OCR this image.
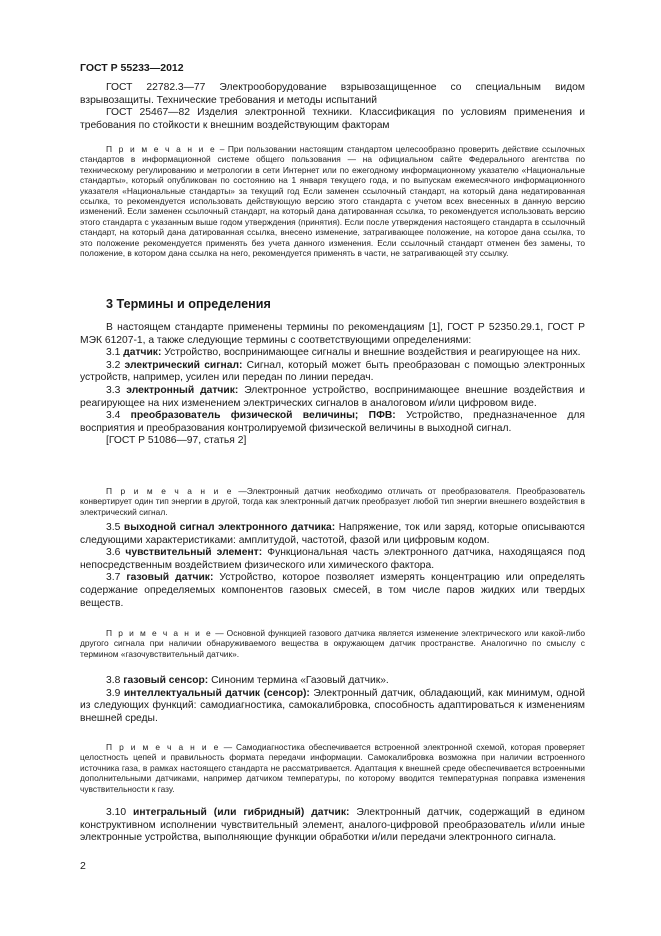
ГОСТ Р 55233—2012

ГОСТ 22782.3—77 Электрооборудование взрывозащищенное со специальным видом взрывозащиты. Технические требования и методы испытаний

ГОСТ 25467—82 Изделия электронной техники. Классификация по условиям применения и требования по стойкости к внешним воздействующим факторам

П р и м е ч а н и е – При пользовании настоящим стандартом целесообразно проверить действие ссылочных стандартов в информационной системе общего пользования — на официальном сайте Федерального агентства по техническому регулированию и метрологии в сети Интернет или по ежегодному информационному указателю «Национальные стандарты», который опубликован по состоянию на 1 января текущего года, и по выпускам ежемесячного информационного указателя «Национальные стандарты» за текущий год Если заменен ссылочный стандарт, на который дана недатированная ссылка, то рекомендуется использовать действующую версию этого стандарта с учетом всех внесенных в данную версию изменений. Если заменен ссылочный стандарт, на который дана датированная ссылка, то рекомендуется использовать версию этого стандарта с указанным выше годом утверждения (принятия). Если после утверждения настоящего стандарта в ссылочный стандарт, на который дана датированная ссылка, внесено изменение, затрагивающее положение, на которое дана ссылка, то это положение рекомендуется применять без учета данного изменения. Если ссылочный стандарт отменен без замены, то положение, в котором дана ссылка на него, рекомендуется применять в части, не затрагивающей эту ссылку.

3 Термины и определения

В настоящем стандарте применены термины по рекомендациям [1], ГОСТ Р 52350.29.1, ГОСТ Р МЭК 61207-1, а также следующие термины с соответствующими определениями:

3.1 датчик: Устройство, воспринимающее сигналы и внешние воздействия и реагирующее на них.

3.2 электрический сигнал: Сигнал, который может быть преобразован с помощью электронных устройств, например, усилен или передан по линии передач.

3.3 электронный датчик: Электронное устройство, воспринимающее внешние воздействия и реагирующее на них изменением электрических сигналов в аналоговом и/или цифровом виде.

3.4 преобразователь физической величины; ПФВ: Устройство, предназначенное для восприятия и преобразования контролируемой физической величины в выходной сигнал.

[ГОСТ Р 51086—97, статья 2]

П р и м е ч а н и е —Электронный датчик необходимо отличать от преобразователя. Преобразователь конвертирует один тип энергии в другой, тогда как электронный датчик преобразует любой тип энергии внешнего воздействия в электрический сигнал.

3.5 выходной сигнал электронного датчика: Напряжение, ток или заряд, которые описываются следующими характеристиками: амплитудой, частотой, фазой или цифровым кодом.

3.6 чувствительный элемент: Функциональная часть электронного датчика, находящаяся под непосредственным воздействием физического или химического фактора.

3.7 газовый датчик: Устройство, которое позволяет измерять концентрацию или определять содержание определяемых компонентов газовых смесей, в том числе паров жидких или твердых веществ.

П р и м е ч а н и е — Основной функцией газового датчика является изменение электрического или какой-либо другого сигнала при наличии обнаруживаемого вещества в окружающем датчик пространстве. Аналогично по смыслу с термином «газочувствительный датчик».

3.8 газовый сенсор: Синоним термина «Газовый датчик».

3.9 интеллектуальный датчик (сенсор): Электронный датчик, обладающий, как минимум, одной из следующих функций: самодиагностика, самокалибровка, способность адаптироваться к изменениям внешней среды.

П р и м е ч а н и е — Самодиагностика обеспечивается встроенной электронной схемой, которая проверяет целостность цепей и правильность формата передачи информации. Самокалибровка возможна при наличии встроенного источника газа, в рамках настоящего стандарта не рассматривается. Адаптация к внешней среде обеспечивается встроенными дополнительными датчиками, например датчиком температуры, по которому вводится температурная поправка изменения чувствительности к газу.

3.10 интегральный (или гибридный) датчик: Электронный датчик, содержащий в едином конструктивном исполнении чувствительный элемент, аналого-цифровой преобразователь и/или иные электронные устройства, выполняющие функции обработки и/или передачи электронного сигнала.

2
